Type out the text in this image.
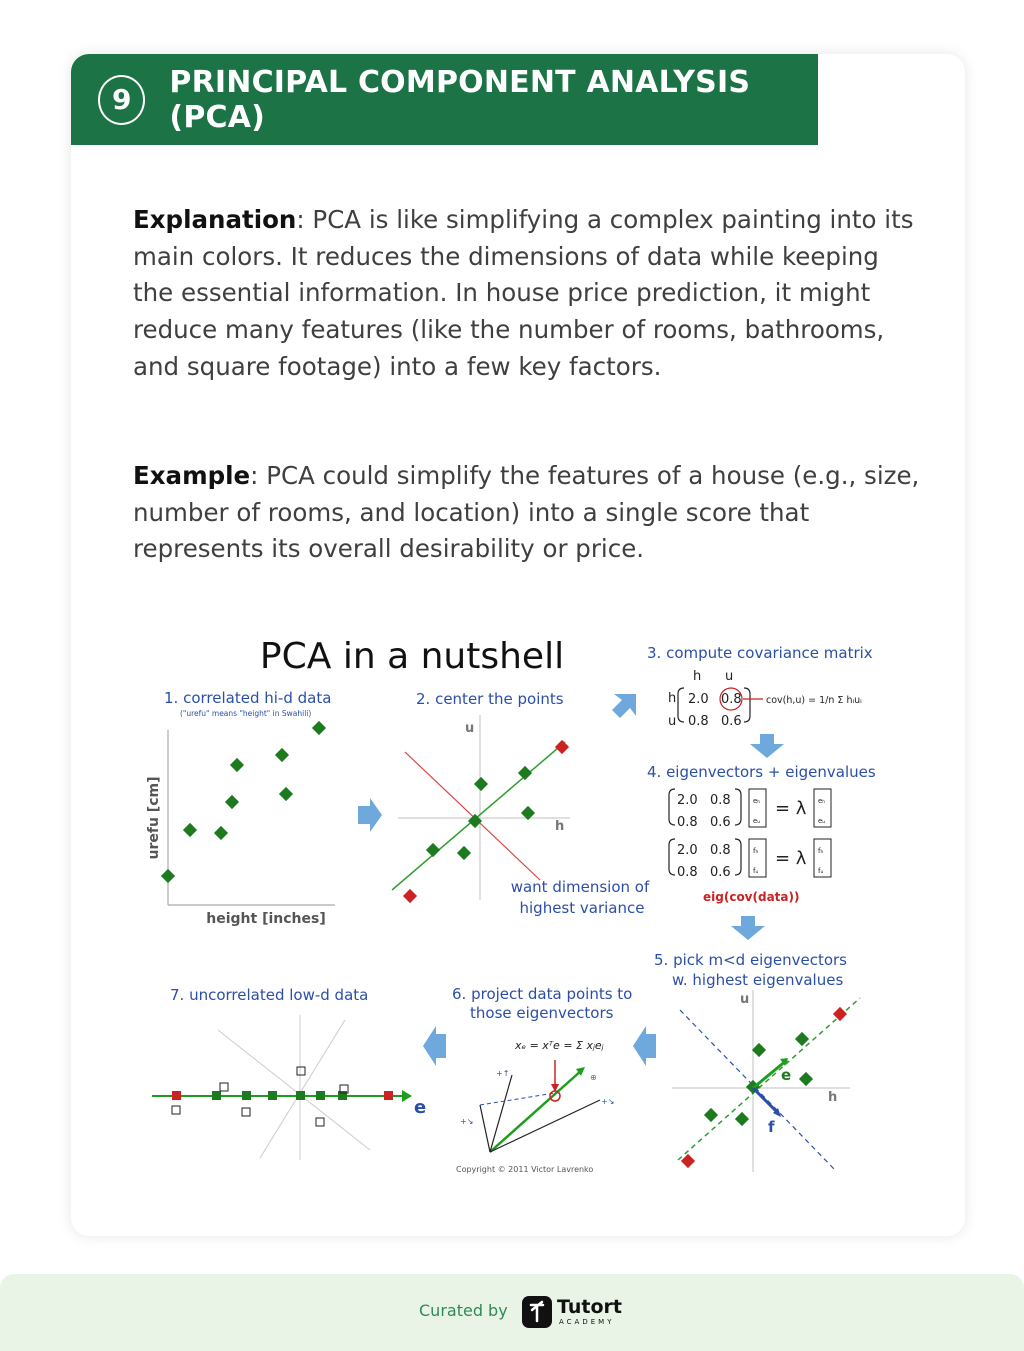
9	PRINCIPAL COMPONENT ANALYSIS (PCA)
Explanation: PCA is like simplifying a complex painting into its main colors. It reduces the dimensions of data while keeping the essential information. In house price prediction, it might reduce many features (like the number of rooms, bathrooms, and square footage) into a few key factors.
Example: PCA could simplify the features of a house (e.g., size, number of rooms, and location) into a single score that represents its overall desirability or price.
PCA in a nutshell
1. correlated hi-d data
("urefu" means "height" in Swahili)
urefu [cm]
height [inches]
2. center the points
u
h
want dimension of
highest variance
3. compute covariance matrix
h u
h
u
2.0 0.8
0.8 0.6
cov(h,u) = 1/n Σ hᵢuᵢ
4. eigenvectors + eigenvalues
2.0 0.8
0.8 0.6
eₕ
eᵤ
= λ eₕ
eᵤ
2.0 0.8
0.8 0.6
fₕ
fᵤ
= λ fₕ
fᵤ
eig(cov(data))
5. pick m<d eigenvectors
w. highest eigenvalues
u
h
e
f
6. project data points to
those eigenvectors
xₑ = xᵀe = Σ xⱼeⱼ
+↑
+↘
+↘
⊕
Copyright © 2011 Victor Lavrenko
7. uncorrelated low-d data
e
Curated by	Tutort
ACADEMY
